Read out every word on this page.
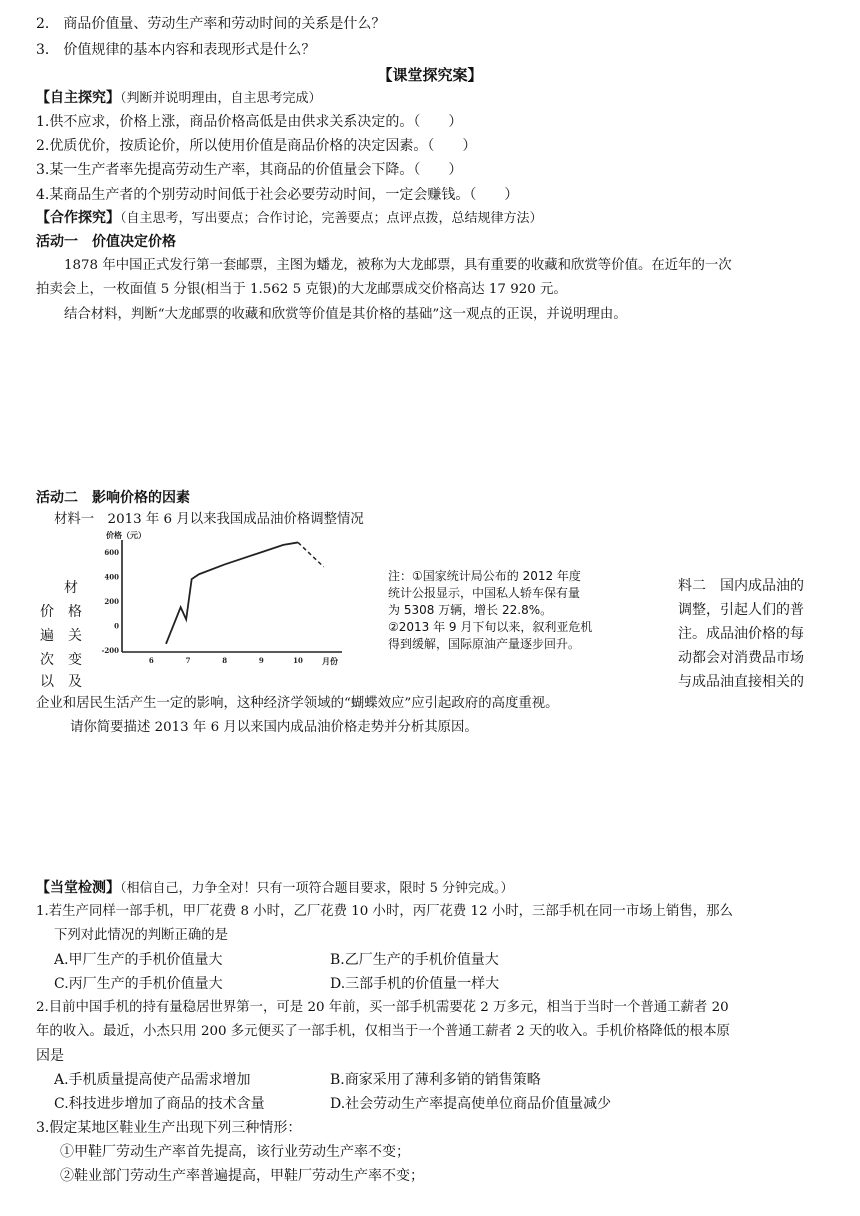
2． 商品价值量、劳动生产率和劳动时间的关系是什么？
3． 价值规律的基本内容和表现形式是什么？
【课堂探究案】
【自主探究】（判断并说明理由，自主思考完成）
1.供不应求，价格上涨，商品价格高低是由供求关系决定的。（　　）
2.优质优价，按质论价，所以使用价值是商品价格的决定因素。（　　）
3.某一生产者率先提高劳动生产率，其商品的价值量会下降。（　　）
4.某商品生产者的个别劳动时间低于社会必要劳动时间，一定会赚钱。（　　）
【合作探究】（自主思考，写出要点；合作讨论，完善要点；点评点拨，总结规律方法）
活动一　价值决定价格
1878 年中国正式发行第一套邮票，主图为蟠龙，被称为大龙邮票，具有重要的收藏和欣赏等价值。在近年的一次
拍卖会上，一枚面值 5 分银(相当于 1.562 5 克银)的大龙邮票成交价格高达 17 920 元。
结合材料，判断“大龙邮票的收藏和欣赏等价值是其价格的基础”这一观点的正误，并说明理由。
活动二　影响价格的因素
材料一　2013 年 6 月以来我国成品油价格调整情况
材
价　格
遍　关
次　变
以　及
价格（元）
月份
600
400
200
0
-200
6	7	8	9	10
注：①国家统计局公布的 2012 年度
统计公报显示，中国私人轿车保有量
为 5308 万辆，增长 22.8%。
②2013 年 9 月下旬以来，叙利亚危机
得到缓解，国际原油产量逐步回升。
料二　国内成品油的
调整，引起人们的普
注。成品油价格的每
动都会对消费品市场
与成品油直接相关的
企业和居民生活产生一定的影响，这种经济学领域的“蝴蝶效应”应引起政府的高度重视。
请你简要描述 2013 年 6 月以来国内成品油价格走势并分析其原因。
【当堂检测】（相信自己，力争全对！只有一项符合题目要求，限时 5 分钟完成。）
1.若生产同样一部手机，甲厂花费 8 小时，乙厂花费 10 小时，丙厂花费 12 小时，三部手机在同一市场上销售，那么
下列对此情况的判断正确的是
A.甲厂生产的手机价值量大	B.乙厂生产的手机价值量大
C.丙厂生产的手机价值量大	D.三部手机的价值量一样大
2.目前中国手机的持有量稳居世界第一，可是 20 年前，买一部手机需要花 2 万多元，相当于当时一个普通工薪者 20
年的收入。最近，小杰只用 200 多元便买了一部手机，仅相当于一个普通工薪者 2 天的收入。手机价格降低的根本原
因是
A.手机质量提高使产品需求增加	B.商家采用了薄利多销的销售策略
C.科技进步增加了商品的技术含量	D.社会劳动生产率提高使单位商品价值量减少
3.假定某地区鞋业生产出现下列三种情形：
①甲鞋厂劳动生产率首先提高，该行业劳动生产率不变；
②鞋业部门劳动生产率普遍提高，甲鞋厂劳动生产率不变；
